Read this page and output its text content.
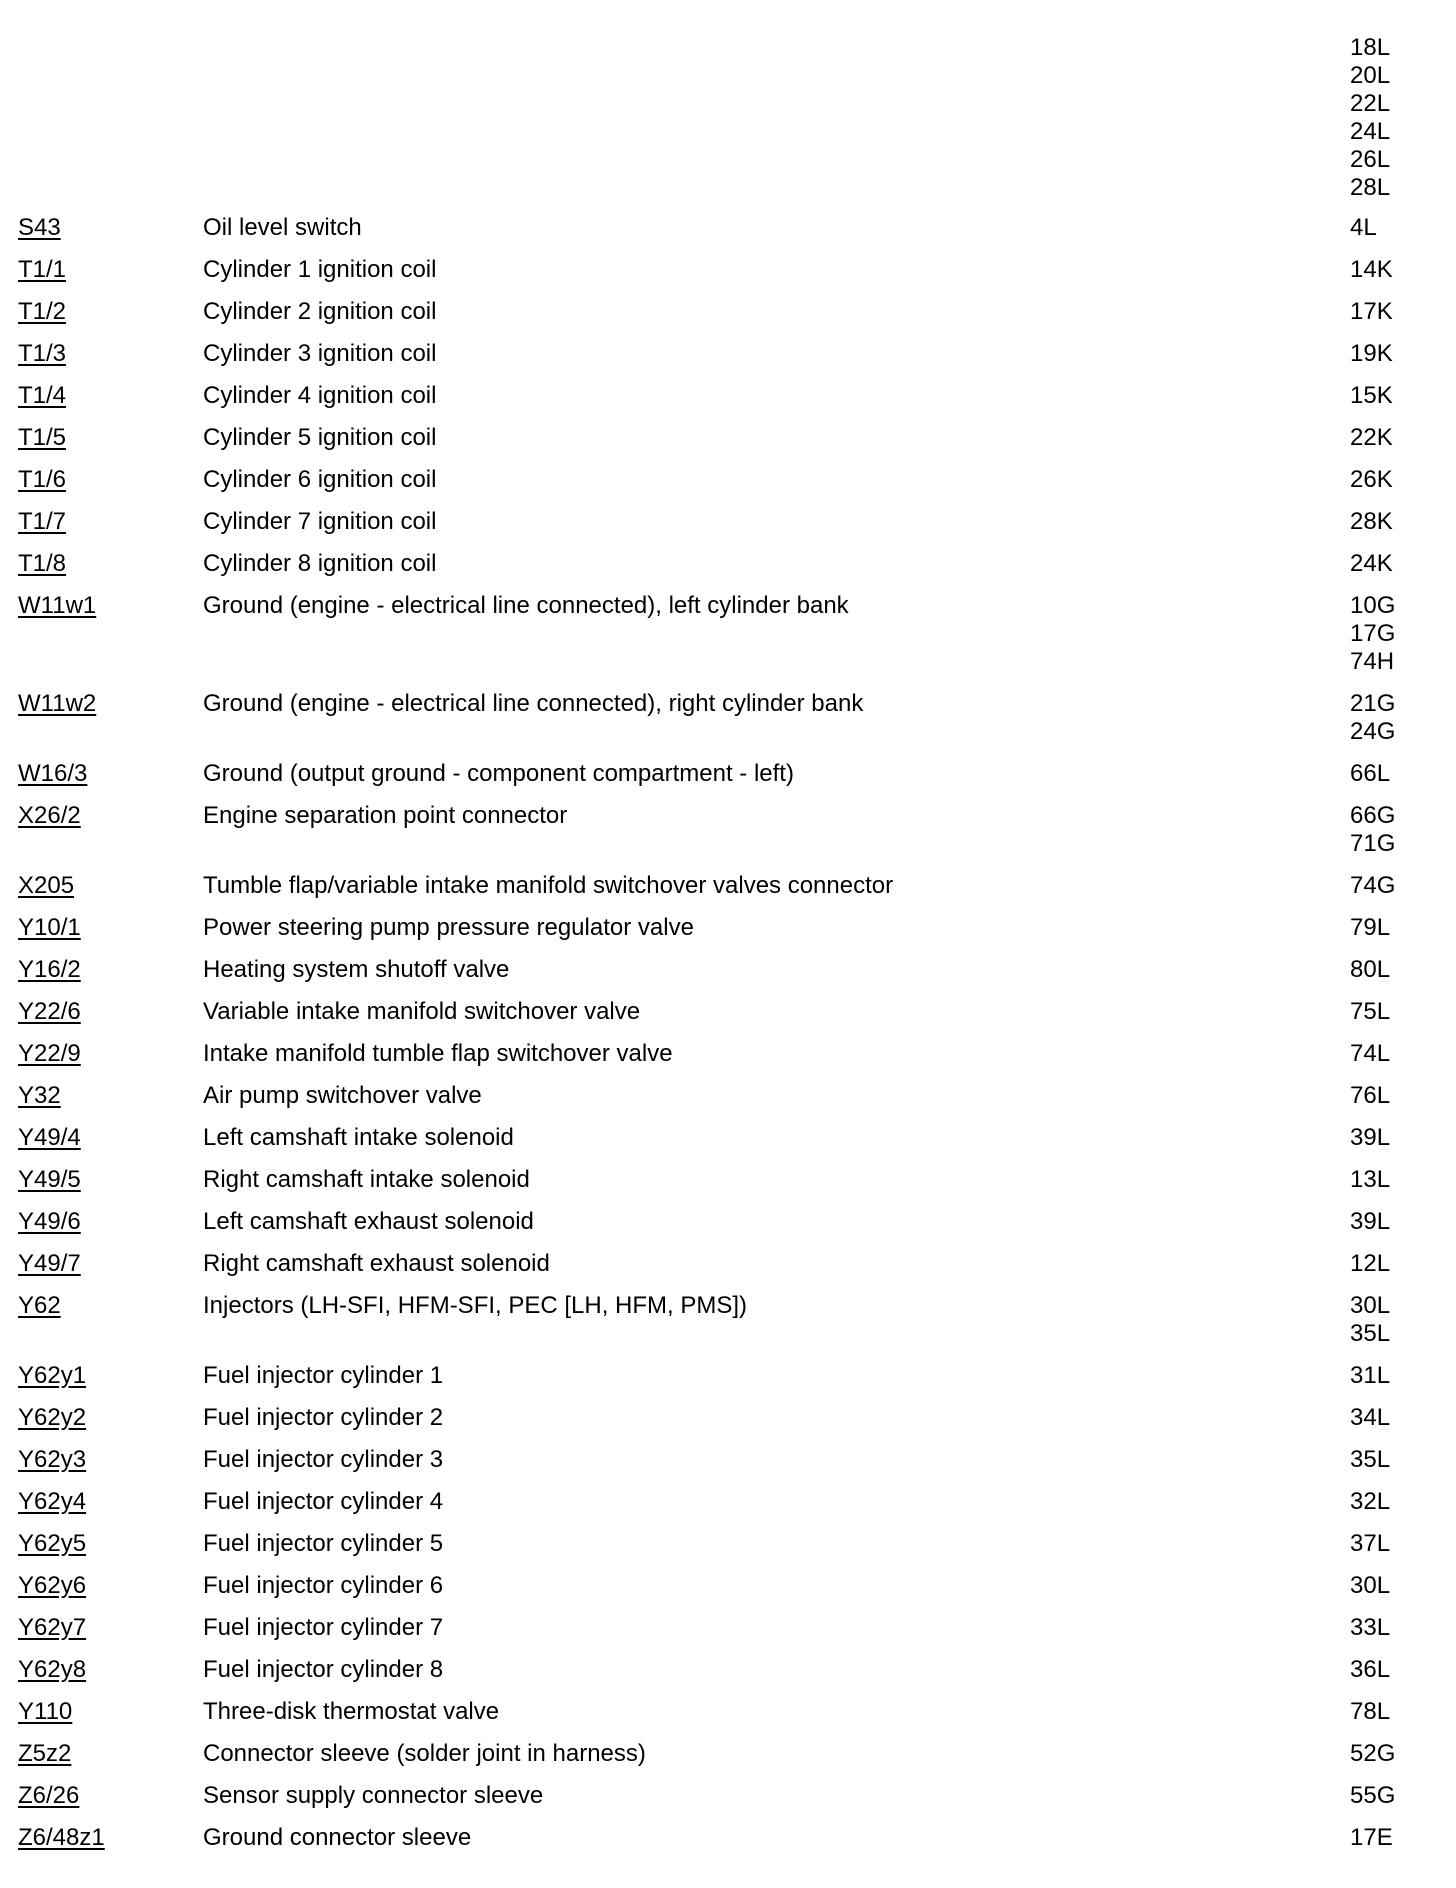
18L
20L
22L
24L
26L
28L
S43	Oil level switch	4L
T1/1	Cylinder 1 ignition coil	14K
T1/2	Cylinder 2 ignition coil	17K
T1/3	Cylinder 3 ignition coil	19K
T1/4	Cylinder 4 ignition coil	15K
T1/5	Cylinder 5 ignition coil	22K
T1/6	Cylinder 6 ignition coil	26K
T1/7	Cylinder 7 ignition coil	28K
T1/8	Cylinder 8 ignition coil	24K
W11w1	Ground (engine - electrical line connected), left cylinder bank	10G
17G
74H
W11w2	Ground (engine - electrical line connected), right cylinder bank	21G
24G
W16/3	Ground (output ground - component compartment - left)	66L
X26/2	Engine separation point connector	66G
71G
X205	Tumble flap/variable intake manifold switchover valves connector	74G
Y10/1	Power steering pump pressure regulator valve	79L
Y16/2	Heating system shutoff valve	80L
Y22/6	Variable intake manifold switchover valve	75L
Y22/9	Intake manifold tumble flap switchover valve	74L
Y32	Air pump switchover valve	76L
Y49/4	Left camshaft intake solenoid	39L
Y49/5	Right camshaft intake solenoid	13L
Y49/6	Left camshaft exhaust solenoid	39L
Y49/7	Right camshaft exhaust solenoid	12L
Y62	Injectors (LH-SFI, HFM-SFI, PEC [LH, HFM, PMS])	30L
35L
Y62y1	Fuel injector cylinder 1	31L
Y62y2	Fuel injector cylinder 2	34L
Y62y3	Fuel injector cylinder 3	35L
Y62y4	Fuel injector cylinder 4	32L
Y62y5	Fuel injector cylinder 5	37L
Y62y6	Fuel injector cylinder 6	30L
Y62y7	Fuel injector cylinder 7	33L
Y62y8	Fuel injector cylinder 8	36L
Y110	Three-disk thermostat valve	78L
Z5z2	Connector sleeve (solder joint in harness)	52G
Z6/26	Sensor supply connector sleeve	55G
Z6/48z1	Ground connector sleeve	17E
